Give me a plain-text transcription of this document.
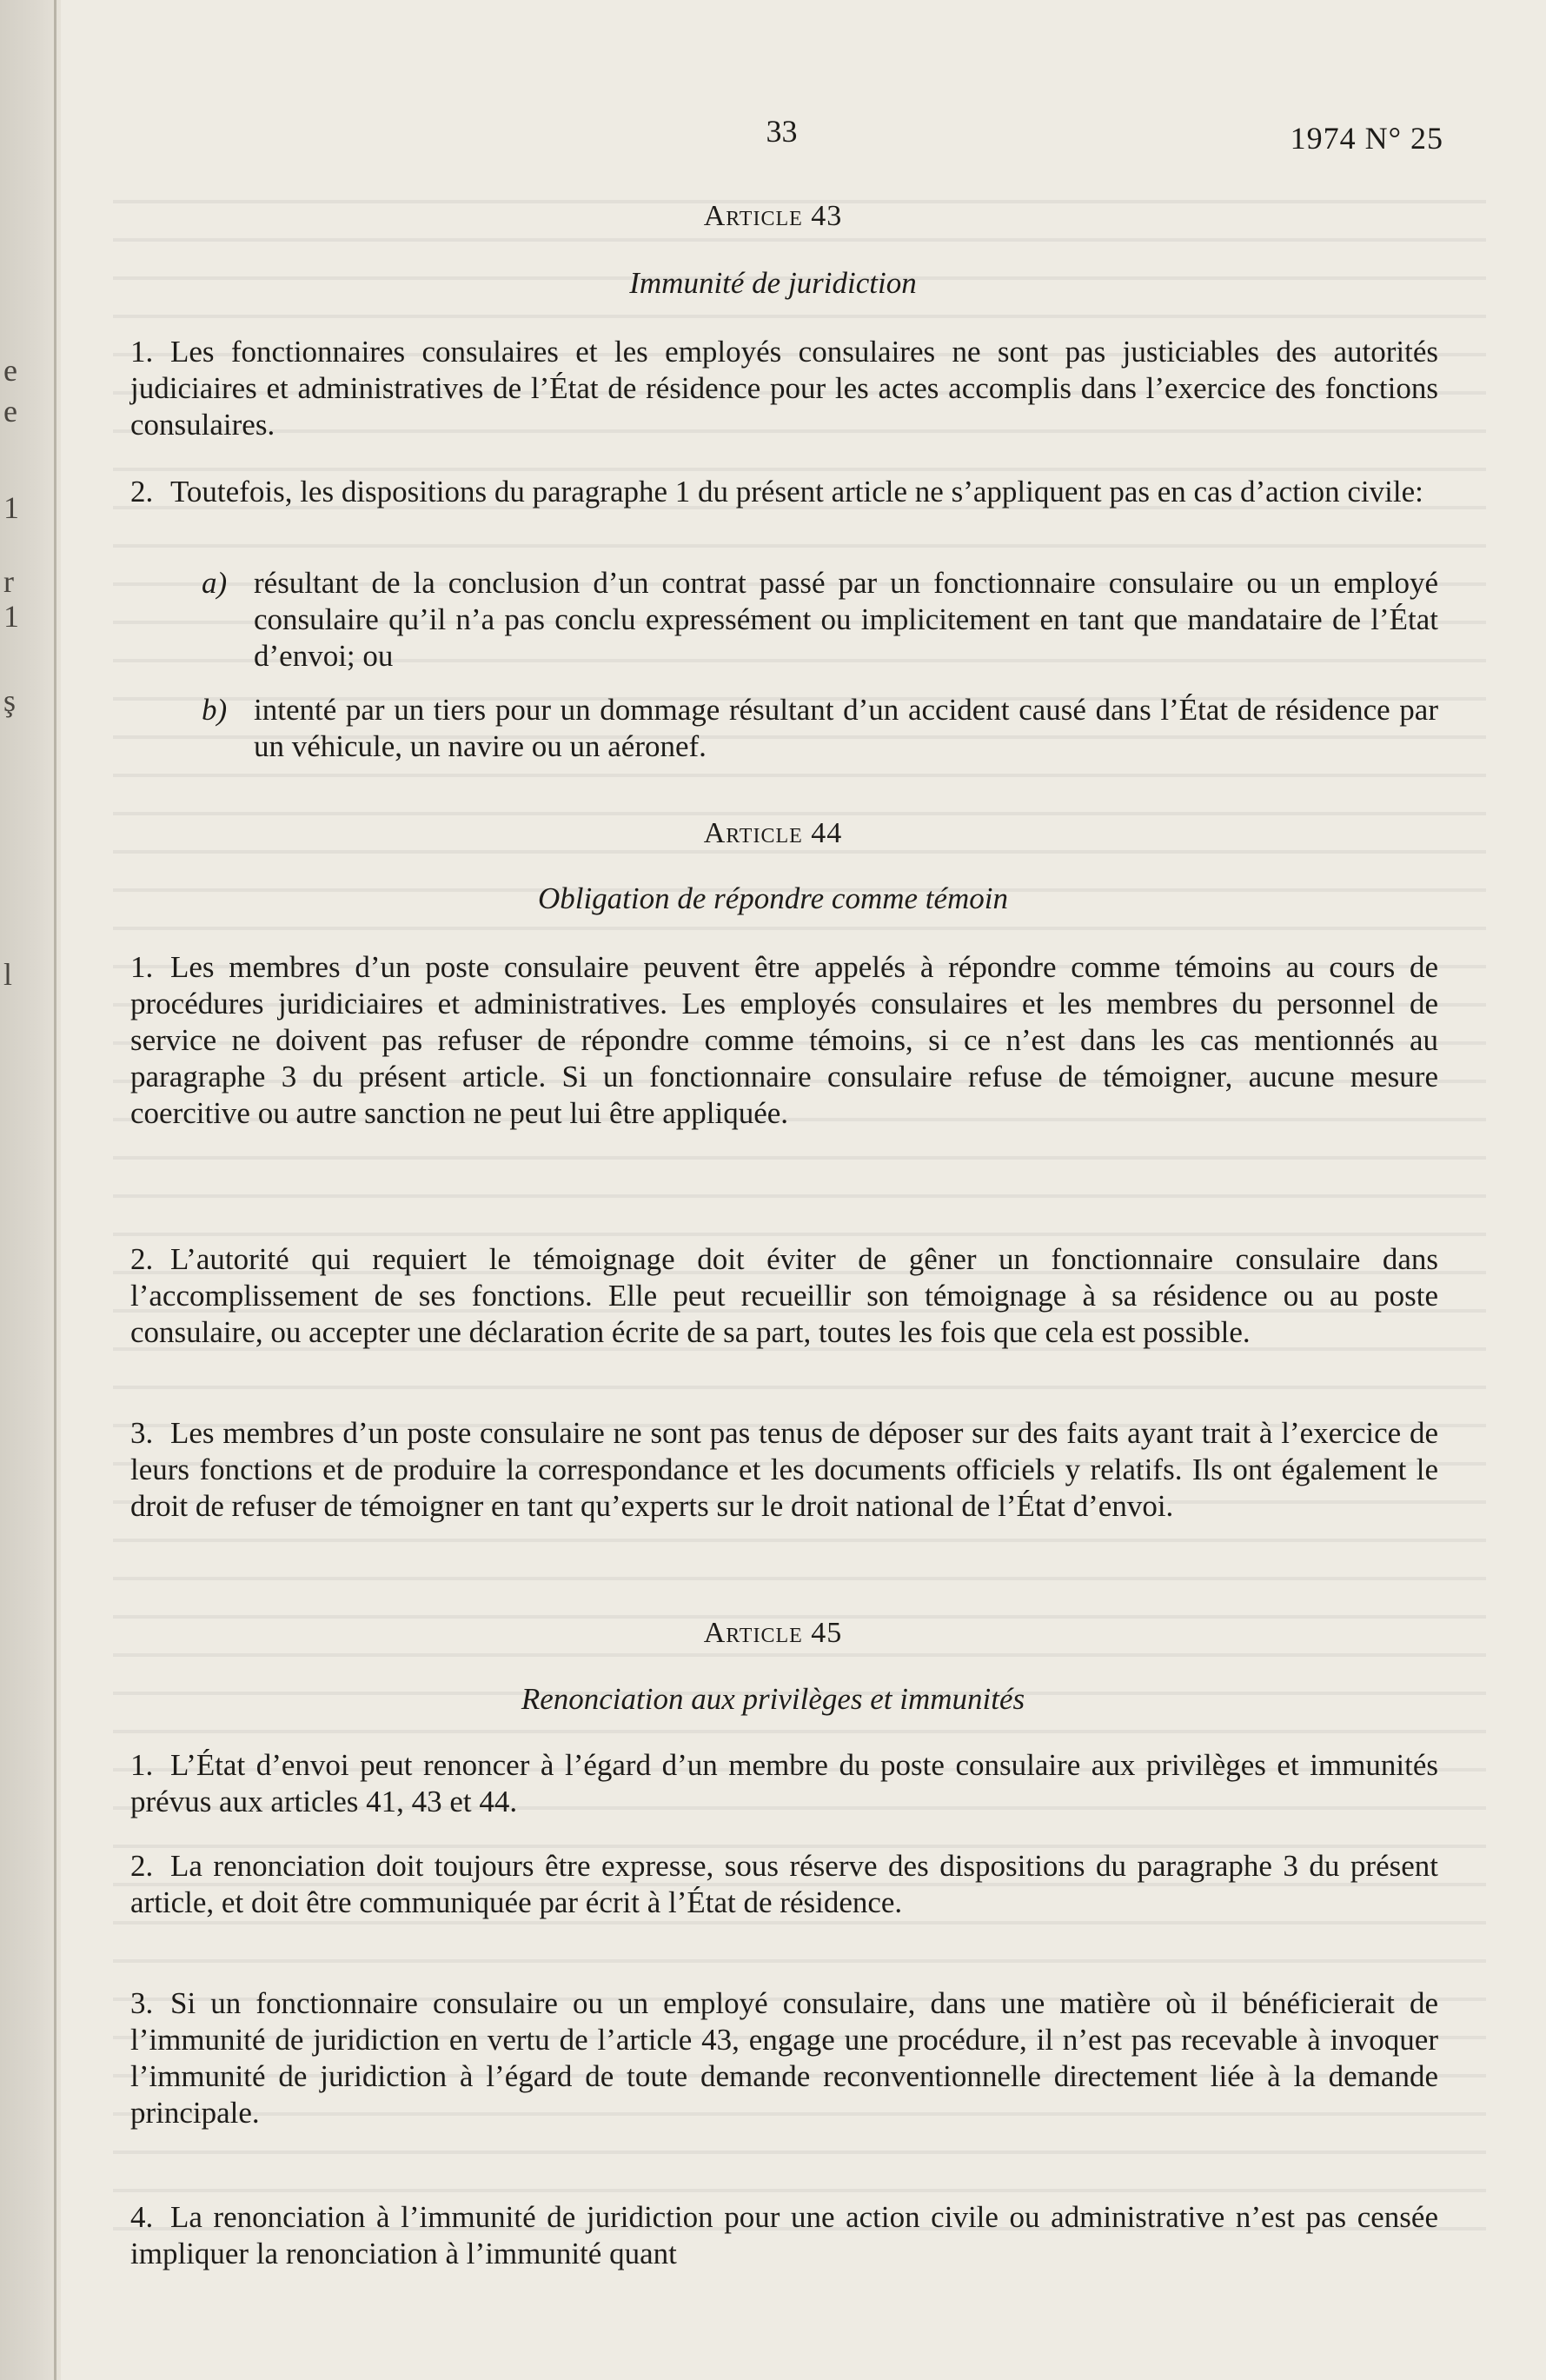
e
e
1
r
1
ş
l
33	1974 N° 25
Article 43
Immunité de juridiction
1. Les fonctionnaires consulaires et les employés consulaires ne sont pas justiciables des autorités judiciaires et administratives de l’État de résidence pour les actes accomplis dans l’exercice des fonctions consulaires.
2. Toutefois, les dispositions du paragraphe 1 du présent article ne s’appliquent pas en cas d’action civile:
a) résultant de la conclusion d’un contrat passé par un fonctionnaire consulaire ou un employé consulaire qu’il n’a pas conclu expressément ou implicitement en tant que mandataire de l’État d’envoi; ou
b) intenté par un tiers pour un dommage résultant d’un accident causé dans l’État de résidence par un véhicule, un navire ou un aéronef.
Article 44
Obligation de répondre comme témoin
1. Les membres d’un poste consulaire peuvent être appelés à répondre comme témoins au cours de procédures juridiciaires et administratives. Les employés consulaires et les membres du personnel de service ne doivent pas refuser de répondre comme témoins, si ce n’est dans les cas mentionnés au paragraphe 3 du présent article. Si un fonctionnaire consulaire refuse de témoigner, aucune mesure coercitive ou autre sanction ne peut lui être appliquée.
2. L’autorité qui requiert le témoignage doit éviter de gêner un fonctionnaire consulaire dans l’accomplissement de ses fonctions. Elle peut recueillir son témoignage à sa résidence ou au poste consulaire, ou accepter une déclaration écrite de sa part, toutes les fois que cela est possible.
3. Les membres d’un poste consulaire ne sont pas tenus de déposer sur des faits ayant trait à l’exercice de leurs fonctions et de produire la correspondance et les documents officiels y relatifs. Ils ont également le droit de refuser de témoigner en tant qu’experts sur le droit national de l’État d’envoi.
Article 45
Renonciation aux privilèges et immunités
1. L’État d’envoi peut renoncer à l’égard d’un membre du poste consulaire aux privilèges et immunités prévus aux articles 41, 43 et 44.
2. La renonciation doit toujours être expresse, sous réserve des dispositions du paragraphe 3 du présent article, et doit être communiquée par écrit à l’État de résidence.
3. Si un fonctionnaire consulaire ou un employé consulaire, dans une matière où il bénéficierait de l’immunité de juridiction en vertu de l’article 43, engage une procédure, il n’est pas recevable à invoquer l’immunité de juridiction à l’égard de toute demande reconventionnelle directement liée à la demande principale.
4. La renonciation à l’immunité de juridiction pour une action civile ou administrative n’est pas censée impliquer la renonciation à l’immunité quant
